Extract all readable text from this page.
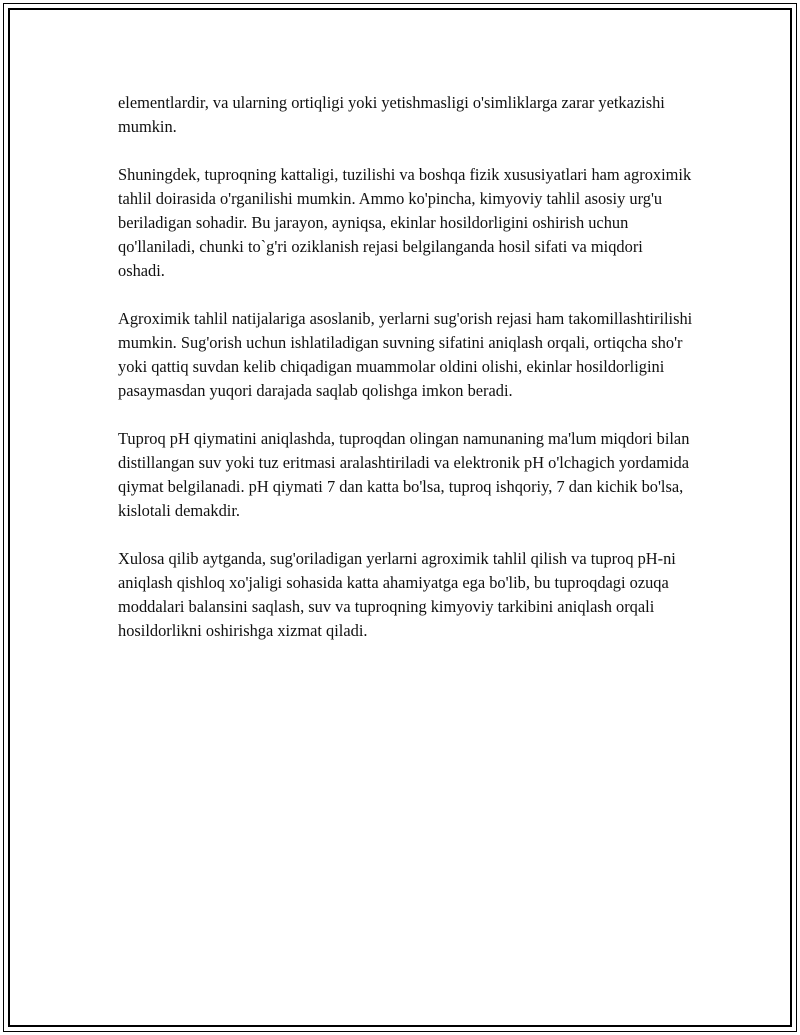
elementlardir, va ularning ortiqligi yoki yetishmasligi o'simliklarga zarar yetkazishi mumkin.

Shuningdek, tuproqning kattaligi, tuzilishi va boshqa fizik xususiyatlari ham agroximik tahlil doirasida o'rganilishi mumkin. Ammo ko'pincha, kimyoviy tahlil asosiy urg'u beriladigan sohadir. Bu jarayon, ayniqsa, ekinlar hosildorligini oshirish uchun qo'llaniladi, chunki to`g'ri oziklanish rejasi belgilanganda hosil sifati va miqdori oshadi.

Agroximik tahlil natijalariga asoslanib, yerlarni sug'orish rejasi ham takomillashtirilishi mumkin. Sug'orish uchun ishlatiladigan suvning sifatini aniqlash orqali, ortiqcha sho'r yoki qattiq suvdan kelib chiqadigan muammolar oldini olishi, ekinlar hosildorligini pasaymasdan yuqori darajada saqlab qolishga imkon beradi.

Tuproq pH qiymatini aniqlashda, tuproqdan olingan namunaning ma'lum miqdori bilan distillangan suv yoki tuz eritmasi aralashtiriladi va elektronik pH o'lchagich yordamida qiymat belgilanadi. pH qiymati 7 dan katta bo'lsa, tuproq ishqoriy, 7 dan kichik bo'lsa, kislotali demakdir.

Xulosa qilib aytganda, sug'oriladigan yerlarni agroximik tahlil qilish va tuproq pH-ni aniqlash qishloq xo'jaligi sohasida katta ahamiyatga ega bo'lib, bu tuproqdagi ozuqa moddalari balansini saqlash, suv va tuproqning kimyoviy tarkibini aniqlash orqali hosildorlikni oshirishga xizmat qiladi.
